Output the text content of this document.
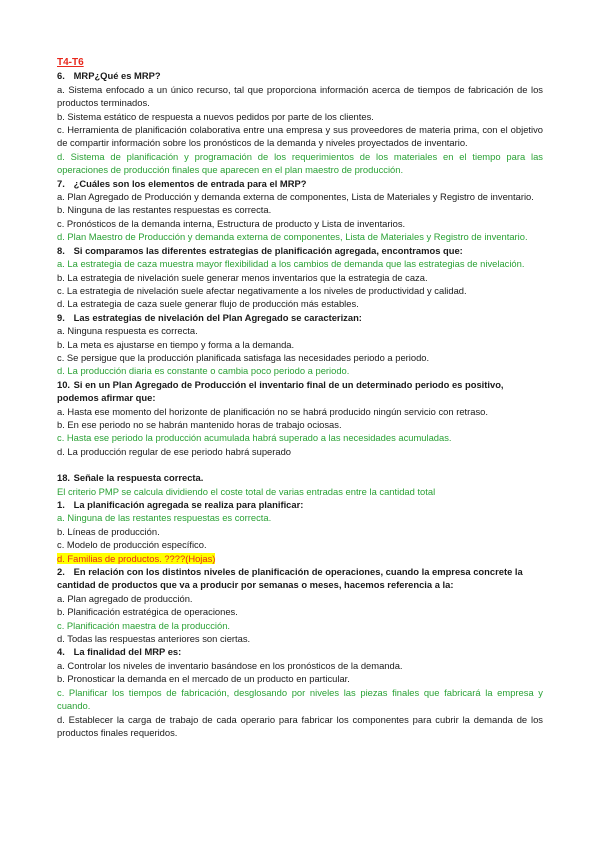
T4-T6
6. MRP¿Qué es MRP?
a. Sistema enfocado a un único recurso, tal que proporciona información acerca de tiempos de fabricación de los productos terminados.
b. Sistema estático de respuesta a nuevos pedidos por parte de los clientes.
c. Herramienta de planificación colaborativa entre una empresa y sus proveedores de materia prima, con el objetivo de compartir información sobre los pronósticos de la demanda y niveles proyectados de inventario.
d. Sistema de planificación y programación de los requerimientos de los materiales en el tiempo para las operaciones de producción finales que aparecen en el plan maestro de producción.
7. ¿Cuáles son los elementos de entrada para el MRP?
a. Plan Agregado de Producción y demanda externa de componentes, Lista de Materiales y Registro de inventario.
b. Ninguna de las restantes respuestas es correcta.
c. Pronósticos de la demanda interna, Estructura de producto y Lista de inventarios.
d. Plan Maestro de Producción y demanda externa de componentes, Lista de Materiales y Registro de inventario.
8. Si comparamos las diferentes estrategias de planificación agregada, encontramos que:
a. La estrategia de caza muestra mayor flexibilidad a los cambios de demanda que las estrategias de nivelación.
b. La estrategia de nivelación suele generar menos inventarios que la estrategia de caza.
c. La estrategia de nivelación suele afectar negativamente a los niveles de productividad y calidad.
d. La estrategia de caza suele generar flujo de producción más estables.
9. Las estrategias de nivelación del Plan Agregado se caracterizan:
a. Ninguna respuesta es correcta.
b. La meta es ajustarse en tiempo y forma a la demanda.
c. Se persigue que la producción planificada satisfaga las necesidades periodo a periodo.
d. La producción diaria es constante o cambia poco periodo a periodo.
10. Si en un Plan Agregado de Producción el inventario final de un determinado periodo es positivo, podemos afirmar que:
a. Hasta ese momento del horizonte de planificación no se habrá producido ningún servicio con retraso.
b. En ese periodo no se habrán mantenido horas de trabajo ociosas.
c. Hasta ese periodo la producción acumulada habrá superado a las necesidades acumuladas.
d. La producción regular de ese periodo habrá superado
18. Señale la respuesta correcta.
El criterio PMP se calcula dividiendo el coste total de varias entradas entre la cantidad total
1. La planificación agregada se realiza para planificar:
a. Ninguna de las restantes respuestas es correcta.
b. Líneas de producción.
c. Modelo de producción específico.
d. Familias de productos. ????(Hojas)
2. En relación con los distintos niveles de planificación de operaciones, cuando la empresa concrete la cantidad de productos que va a producir por semanas o meses, hacemos referencia a la:
a. Plan agregado de producción.
b. Planificación estratégica de operaciones.
c. Planificación maestra de la producción.
d. Todas las respuestas anteriores son ciertas.
4. La finalidad del MRP es:
a. Controlar los niveles de inventario basándose en los pronósticos de la demanda.
b. Pronosticar la demanda en el mercado de un producto en particular.
c. Planificar los tiempos de fabricación, desglosando por niveles las piezas finales que fabricará la empresa y cuando.
d. Establecer la carga de trabajo de cada operario para fabricar los componentes para cubrir la demanda de los productos finales requeridos.
